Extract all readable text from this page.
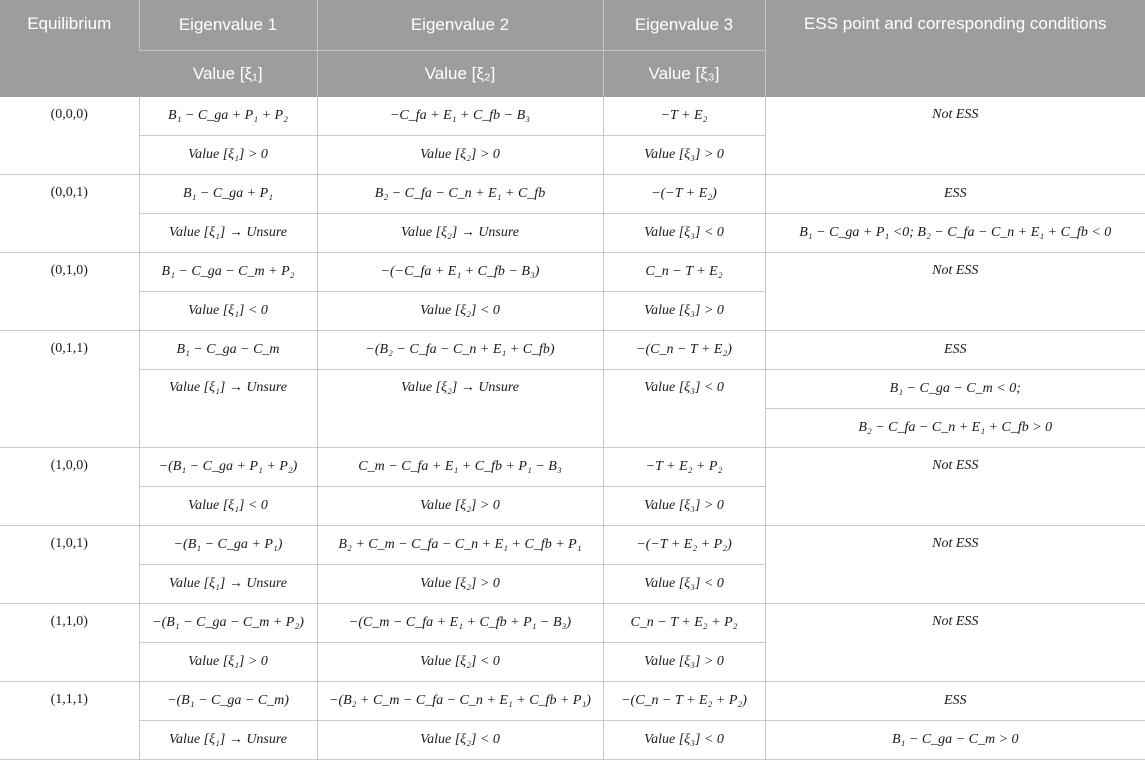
Equilibrium	Eigenvalue 1	Eigenvalue 2	Eigenvalue 3	ESS point and corresponding conditions
	Value [ξ₁]	Value [ξ₂]	Value [ξ₃]	
(0,0,0)	B₁ − C_ga + P₁ + P₂	−C_fa + E₁ + C_fb − B₃	−T + E₂	Not ESS
	Value [ξ₁] > 0	Value [ξ₂] > 0	Value [ξ₃] > 0	
(0,0,1)	B₁ − C_ga + P₁	B₂ − C_fa − C_n + E₁ + C_fb	−(−T + E₂)	ESS
	Value [ξ₁] → Unsure	Value [ξ₂] → Unsure	Value [ξ₃] < 0	B₁ − C_ga + P₁ <0; B₂ − C_fa − C_n + E₁ + C_fb < 0
(0,1,0)	B₁ − C_ga − C_m + P₂	−(−C_fa + E₁ + C_fb − B₃)	C_n − T + E₂	Not ESS
	Value [ξ₁] < 0	Value [ξ₂] < 0	Value [ξ₃] > 0	
(0,1,1)	B₁ − C_ga − C_m	−(B₂ − C_fa − C_n + E₁ + C_fb)	−(C_n − T + E₂)	ESS
	Value [ξ₁] → Unsure	Value [ξ₂] → Unsure	Value [ξ₃] < 0	B₁ − C_ga − C_m < 0;
				B₂ − C_fa − C_n + E₁ + C_fb > 0
(1,0,0)	−(B₁ − C_ga + P₁ + P₂)	C_m − C_fa + E₁ + C_fb + P₁ − B₃	−T + E₂ + P₂	Not ESS
	Value [ξ₁] < 0	Value [ξ₂] > 0	Value [ξ₃] > 0	
(1,0,1)	−(B₁ − C_ga + P₁)	B₂ + C_m − C_fa − C_n + E₁ + C_fb + P₁	−(−T + E₂ + P₂)	Not ESS
	Value [ξ₁] → Unsure	Value [ξ₂] > 0	Value [ξ₃] < 0	
(1,1,0)	−(B₁ − C_ga − C_m + P₂)	−(C_m − C_fa + E₁ + C_fb + P₁ − B₃)	C_n − T + E₂ + P₂	Not ESS
	Value [ξ₁] > 0	Value [ξ₂] < 0	Value [ξ₃] > 0	
(1,1,1)	−(B₁ − C_ga − C_m)	−(B₂ + C_m − C_fa − C_n + E₁ + C_fb + P₁)	−(C_n − T + E₂ + P₂)	ESS
	Value [ξ₁] → Unsure	Value [ξ₂] < 0	Value [ξ₃] < 0	B₁ − C_ga − C_m > 0
